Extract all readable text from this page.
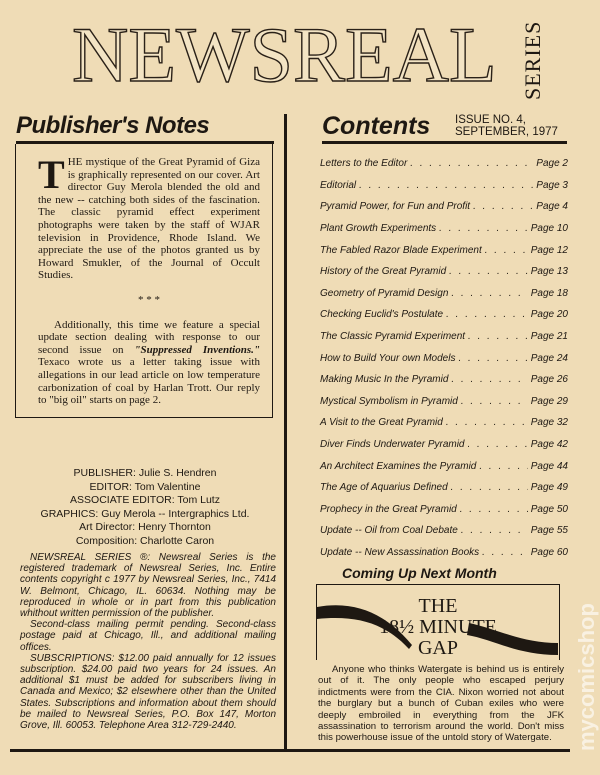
NEWSREAL	SERIES
Publisher's Notes

THE mystique of the Great Pyramid of Giza is graphically represented on our cover. Art director Guy Merola blended the old and the new -- catching both sides of the fascination. The classic pyramid effect experiment photographs were taken by the staff of WJAR television in Providence, Rhode Island. We appreciate the use of the photos granted us by Howard Smukler, of the Journal of Occult Studies.

* * *

Additionally, this time we feature a special update section dealing with response to our second issue on "Suppressed Inventions." Texaco wrote us a letter taking issue with allegations in our lead article on low temperature carbonization of coal by Harlan Trott. Our reply to "big oil" starts on page 2.

PUBLISHER: Julie S. Hendren
EDITOR: Tom Valentine
ASSOCIATE EDITOR: Tom Lutz
GRAPHICS: Guy Merola -- Intergraphics Ltd.
Art Director: Henry Thornton
Composition: Charlotte Caron

NEWSREAL SERIES ®: Newsreal Series is the registered trademark of Newsreal Series, Inc. Entire contents copyright c 1977 by Newsreal Series, Inc., 7414 W. Belmont, Chicago, IL. 60634. Nothing may be reproduced in whole or in part from this publication whithout written permission of the publisher.

Second-class mailing permit pending. Second-class postage paid at Chicago, Ill., and additional mailing offices.

SUBSCRIPTIONS: $12.00 paid annually for 12 issues subscription. $24.00 paid two years for 24 issues. An additional $1 must be added for subscribers living in Canada and Mexico; $2 elsewhere other than the United States. Subscriptions and information about them should be mailed to Newsreal Series, P.O. Box 147, Morton Grove, Ill. 60053. Telephone Area 312-729-2440.

Contents ISSUE NO. 4,
SEPTEMBER, 1977
Letters to the Editor . . .	Page 2
Editorial . . .	Page 3
Pyramid Power, for Fun and Profit . . .	Page 4
Plant Growth Experiments . . .	Page 10
The Fabled Razor Blade Experiment . . .	Page 12
History of the Great Pyramid . . .	Page 13
Geometry of Pyramid Design . . .	Page 18
Checking Euclid's Postulate . . .	Page 20
The Classic Pyramid Experiment . . .	Page 21
How to Build Your own Models . . .	Page 24
Making Music In the Pyramid . . .	Page 26
Mystical Symbolism in Pyramid . . .	Page 29
A Visit to the Great Pyramid . . .	Page 32
Diver Finds Underwater Pyramid . . .	Page 42
An Architect Examines the Pyramid . . .	Page 44
The Age of Aquarius Defined . . .	Page 49
Prophecy in the Great Pyramid . . .	Page 50
Update -- Oil from Coal Debate . . .	Page 55
Update -- New Assassination Books . . .	Page 60
Coming Up Next Month
THE
18½ MINUTE
GAP

Anyone who thinks Watergate is behind us is entirely out of it. The only people who escaped perjury indictments were from the CIA. Nixon worried not about the burglary but a bunch of Cuban exiles who were deeply embroiled in everything from the JFK assassination to terrorism around the world. Don't miss this powerhouse issue of the untold story of Watergate.	mycomicshop
